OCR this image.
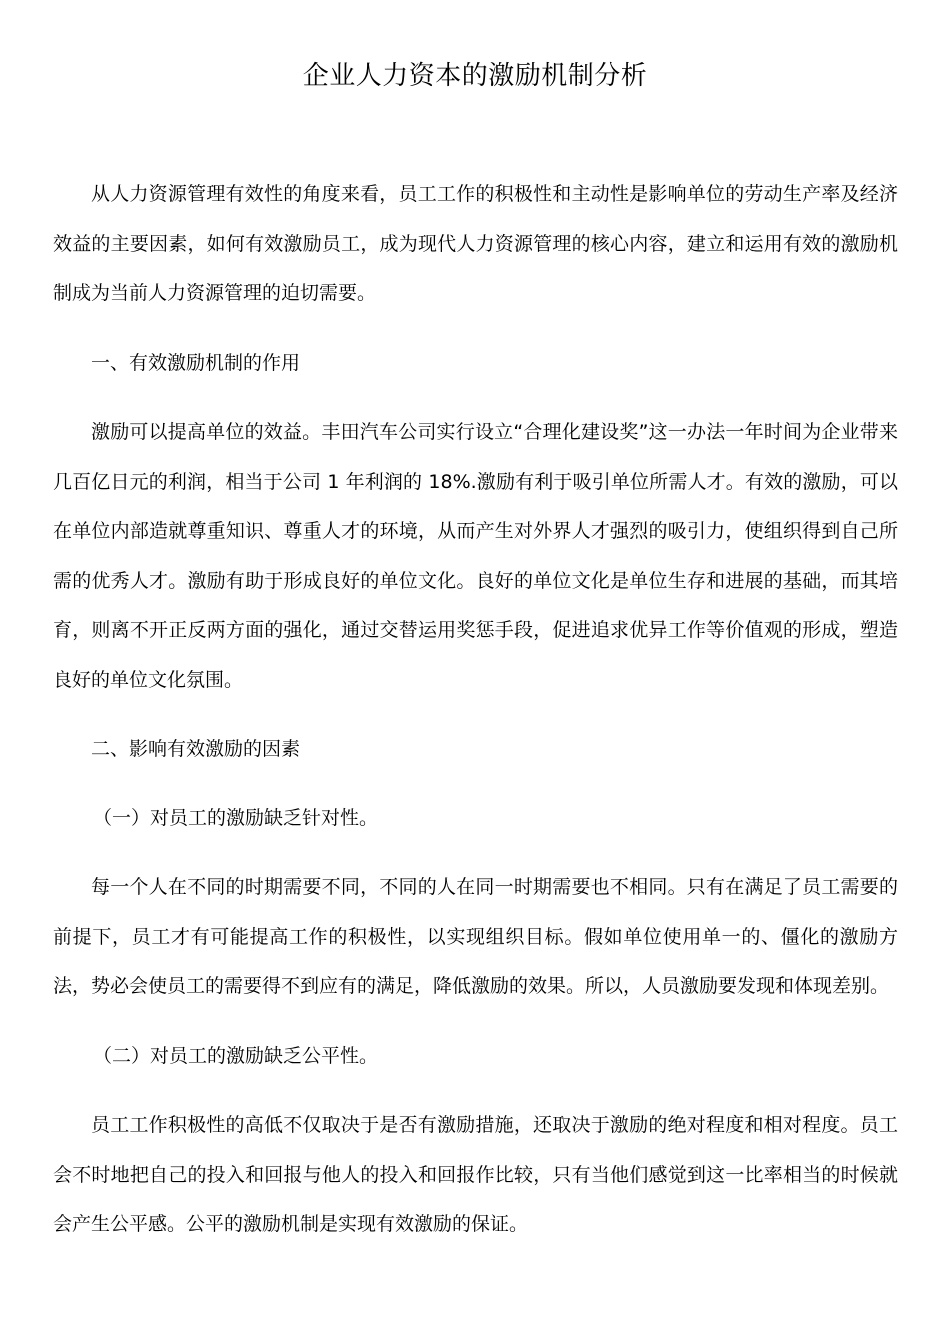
企业人力资本的激励机制分析

从人力资源管理有效性的角度来看，员工工作的积极性和主动性是影响单位的劳动生产率及经济效益的主要因素，如何有效激励员工，成为现代人力资源管理的核心内容，建立和运用有效的激励机制成为当前人力资源管理的迫切需要。

一、有效激励机制的作用

激励可以提高单位的效益。丰田汽车公司实行设立“合理化建设奖”这一办法一年时间为企业带来几百亿日元的利润，相当于公司 1 年利润的 18%.激励有利于吸引单位所需人才。有效的激励，可以在单位内部造就尊重知识、尊重人才的环境，从而产生对外界人才强烈的吸引力，使组织得到自己所需的优秀人才。激励有助于形成良好的单位文化。良好的单位文化是单位生存和进展的基础，而其培育，则离不开正反两方面的强化，通过交替运用奖惩手段，促进追求优异工作等价值观的形成，塑造良好的单位文化氛围。

二、影响有效激励的因素
（一）对员工的激励缺乏针对性。

每一个人在不同的时期需要不同，不同的人在同一时期需要也不相同。只有在满足了员工需要的前提下，员工才有可能提高工作的积极性，以实现组织目标。假如单位使用单一的、僵化的激励方法，势必会使员工的需要得不到应有的满足，降低激励的效果。所以，人员激励要发现和体现差别。

（二）对员工的激励缺乏公平性。

员工工作积极性的高低不仅取决于是否有激励措施，还取决于激励的绝对程度和相对程度。员工会不时地把自己的投入和回报与他人的投入和回报作比较，只有当他们感觉到这一比率相当的时候就会产生公平感。公平的激励机制是实现有效激励的保证。
